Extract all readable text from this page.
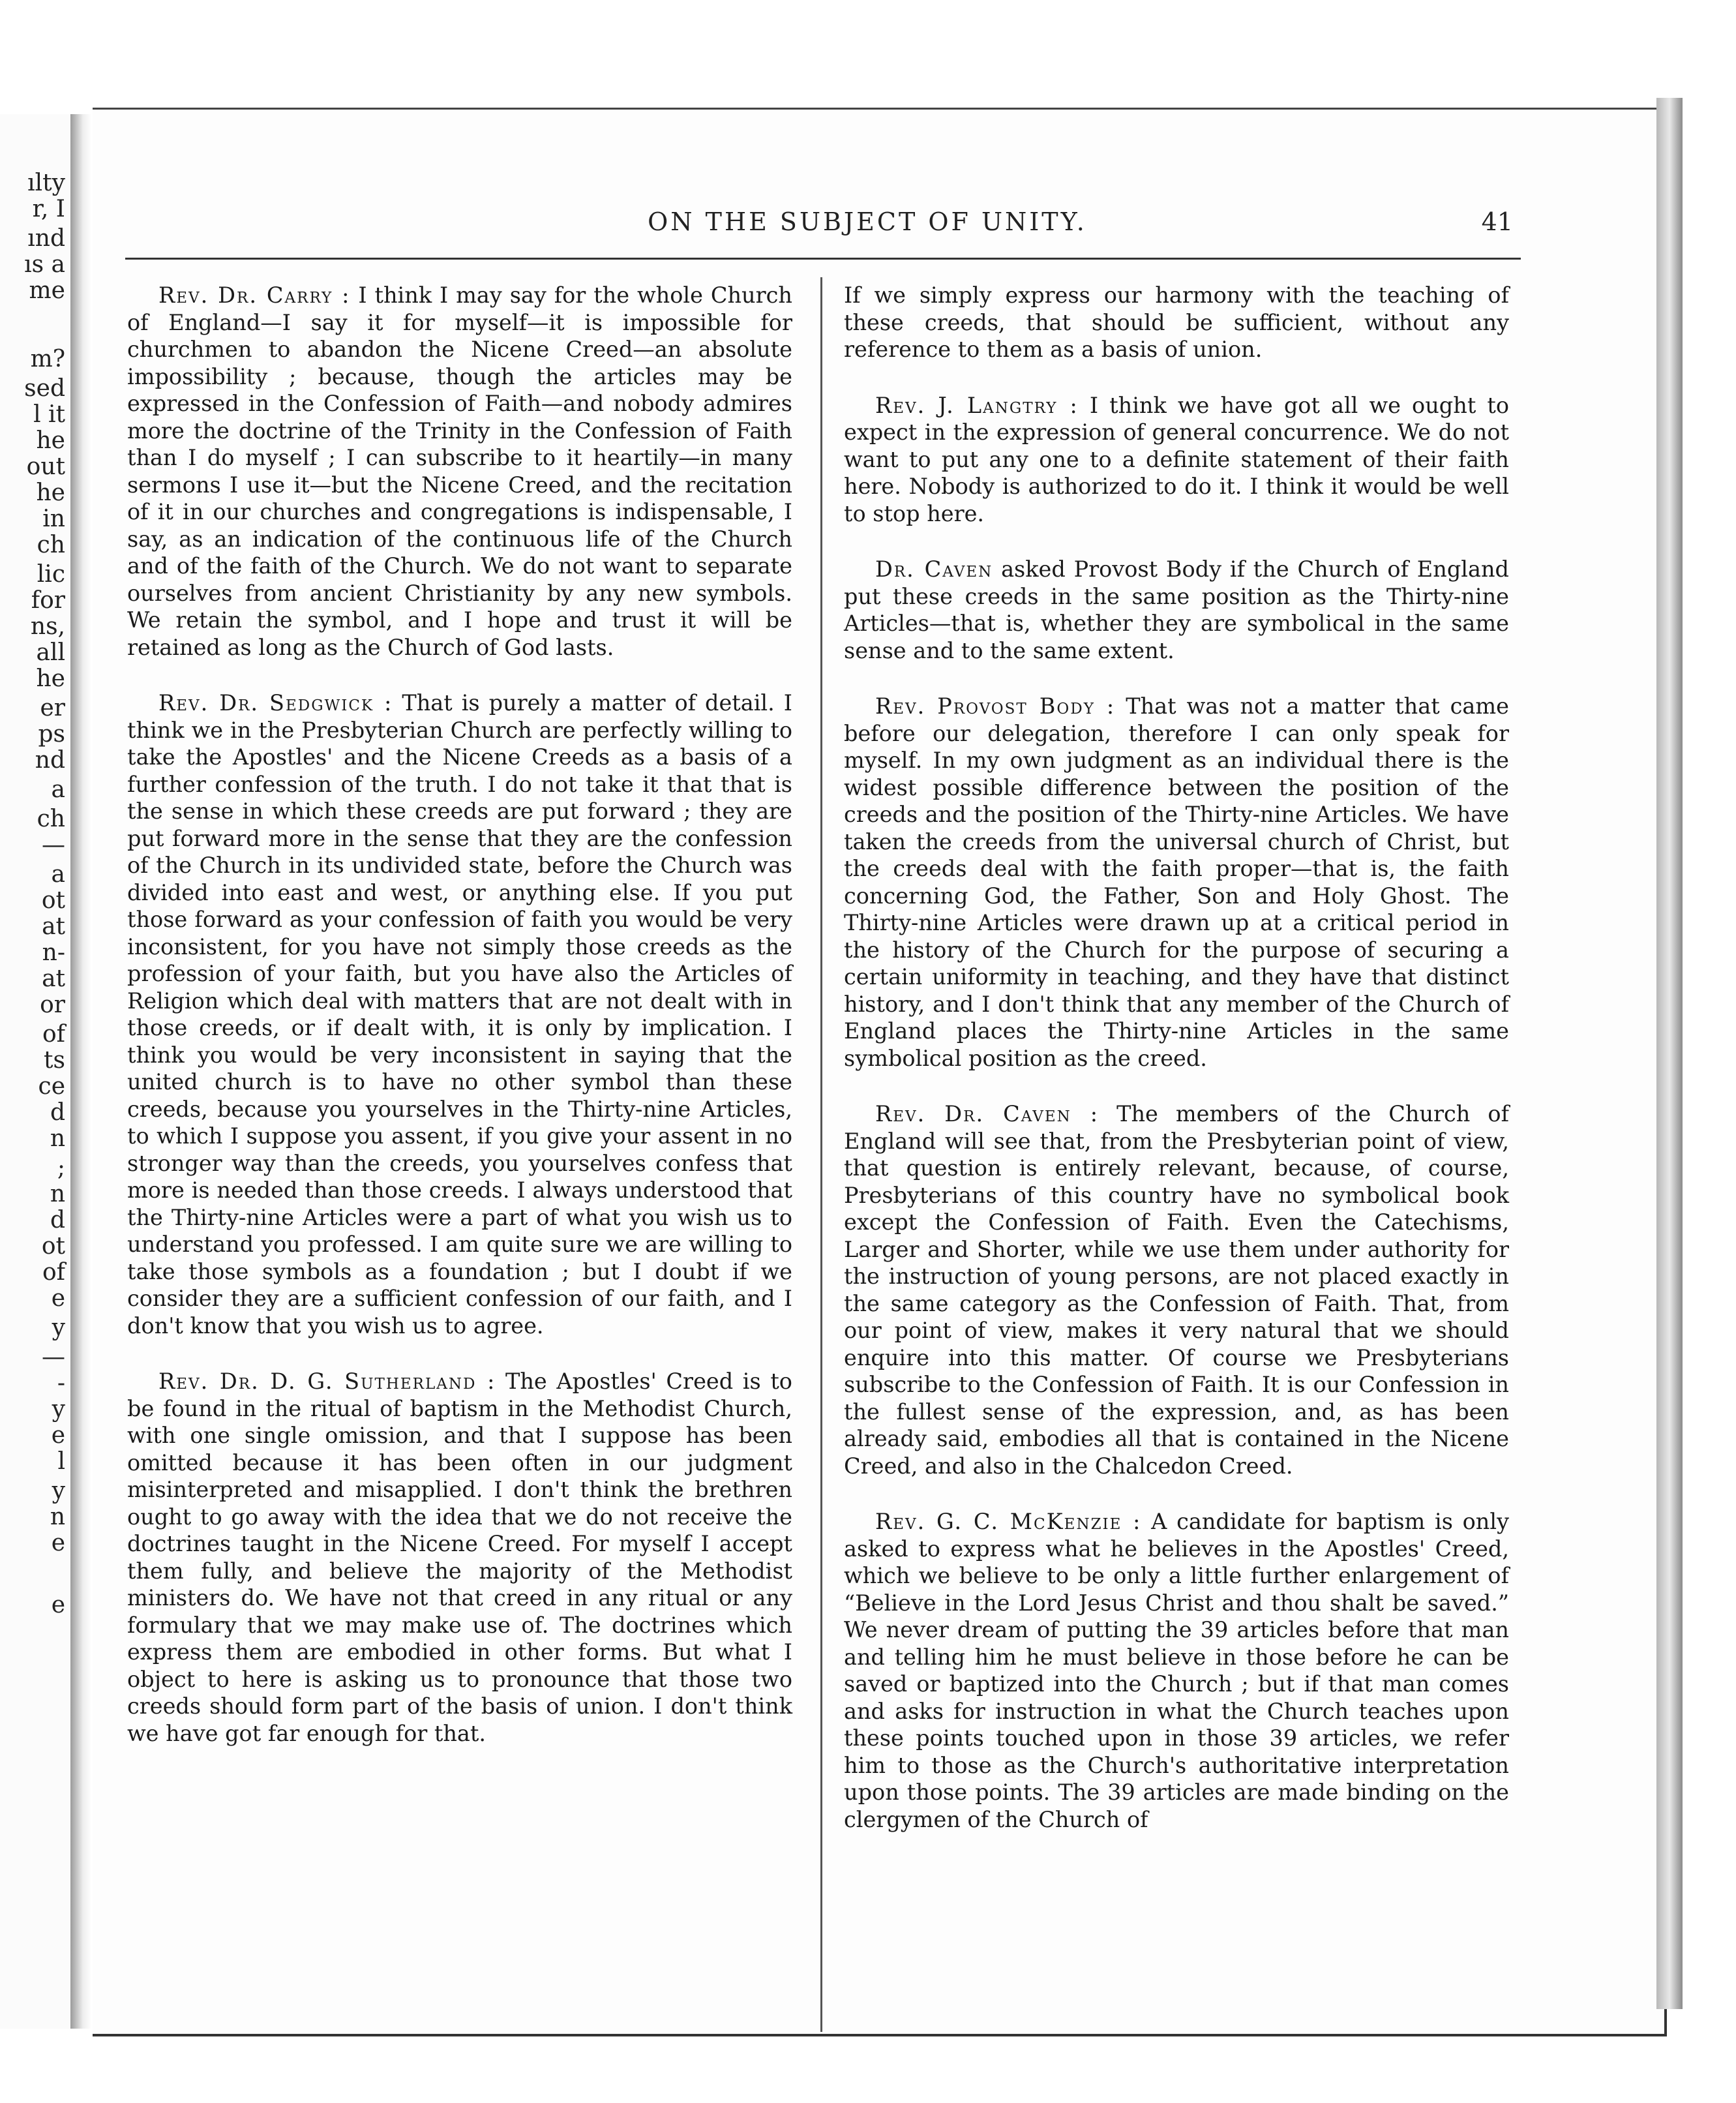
ılty
r, I
ınd
ıs a
me
m?
sed
l it
he
out
he
in
ch
lic
for
ns,
all
he
er
ps
nd
a
ch
—
a
ot
at
n-
at
or
of
ts
ce
d
n
;
n
d
ot
of
e
y
—
-
y
e
l
y
n
e
e
ON THE SUBJECT OF UNITY.	41

Rev. Dr. Carry : I think I may say for the whole Church of England—I say it for myself—it is impossible for churchmen to abandon the Nicene Creed—an absolute impossibility ; because, though the articles may be expressed in the Confession of Faith—and nobody admires more the doctrine of the Trinity in the Confession of Faith than I do myself ; I can subscribe to it heartily—in many sermons I use it—but the Nicene Creed, and the recitation of it in our churches and congregations is indispensable, I say, as an indication of the continuous life of the Church and of the faith of the Church. We do not want to separate ourselves from ancient Christianity by any new symbols. We retain the symbol, and I hope and trust it will be retained as long as the Church of God lasts.

Rev. Dr. Sedgwick : That is purely a matter of detail. I think we in the Presbyterian Church are perfectly willing to take the Apostles' and the Nicene Creeds as a basis of a further confession of the truth. I do not take it that that is the sense in which these creeds are put forward ; they are put forward more in the sense that they are the confession of the Church in its undivided state, before the Church was divided into east and west, or anything else. If you put those forward as your confession of faith you would be very inconsistent, for you have not simply those creeds as the profession of your faith, but you have also the Articles of Religion which deal with matters that are not dealt with in those creeds, or if dealt with, it is only by implication. I think you would be very inconsistent in saying that the united church is to have no other symbol than these creeds, because you yourselves in the Thirty-nine Articles, to which I suppose you assent, if you give your assent in no stronger way than the creeds, you yourselves confess that more is needed than those creeds. I always understood that the Thirty-nine Articles were a part of what you wish us to understand you professed. I am quite sure we are willing to take those symbols as a foundation ; but I doubt if we consider they are a sufficient confession of our faith, and I don't know that you wish us to agree.

Rev. Dr. D. G. Sutherland : The Apostles' Creed is to be found in the ritual of baptism in the Methodist Church, with one single omission, and that I suppose has been omitted because it has been often in our judgment misinterpreted and misapplied. I don't think the brethren ought to go away with the idea that we do not receive the doctrines taught in the Nicene Creed. For myself I accept them fully, and believe the majority of the Methodist ministers do. We have not that creed in any ritual or any formulary that we may make use of. The doctrines which express them are embodied in other forms. But what I object to here is asking us to pronounce that those two creeds should form part of the basis of union. I don't think we have got far enough for that.

If we simply express our harmony with the teaching of these creeds, that should be sufficient, without any reference to them as a basis of union.

Rev. J. Langtry : I think we have got all we ought to expect in the expression of general concurrence. We do not want to put any one to a definite statement of their faith here. Nobody is authorized to do it. I think it would be well to stop here.

Dr. Caven asked Provost Body if the Church of England put these creeds in the same position as the Thirty-nine Articles—that is, whether they are symbolical in the same sense and to the same extent.

Rev. Provost Body : That was not a matter that came before our delegation, therefore I can only speak for myself. In my own judgment as an individual there is the widest possible difference between the position of the creeds and the position of the Thirty-nine Articles. We have taken the creeds from the universal church of Christ, but the creeds deal with the faith proper—that is, the faith concerning God, the Father, Son and Holy Ghost. The Thirty-nine Articles were drawn up at a critical period in the history of the Church for the purpose of securing a certain uniformity in teaching, and they have that distinct history, and I don't think that any member of the Church of England places the Thirty-nine Articles in the same symbolical position as the creed.

Rev. Dr. Caven : The members of the Church of England will see that, from the Presbyterian point of view, that question is entirely relevant, because, of course, Presbyterians of this country have no symbolical book except the Confession of Faith. Even the Catechisms, Larger and Shorter, while we use them under authority for the instruction of young persons, are not placed exactly in the same category as the Confession of Faith. That, from our point of view, makes it very natural that we should enquire into this matter. Of course we Presbyterians subscribe to the Confession of Faith. It is our Confession in the fullest sense of the expression, and, as has been already said, embodies all that is contained in the Nicene Creed, and also in the Chalcedon Creed.

Rev. G. C. McKenzie : A candidate for baptism is only asked to express what he believes in the Apostles' Creed, which we believe to be only a little further enlargement of “Believe in the Lord Jesus Christ and thou shalt be saved.” We never dream of putting the 39 articles before that man and telling him he must believe in those before he can be saved or baptized into the Church ; but if that man comes and asks for instruction in what the Church teaches upon these points touched upon in those 39 articles, we refer him to those as the Church's authoritative interpretation upon those points. The 39 articles are made binding on the clergymen of the Church of
